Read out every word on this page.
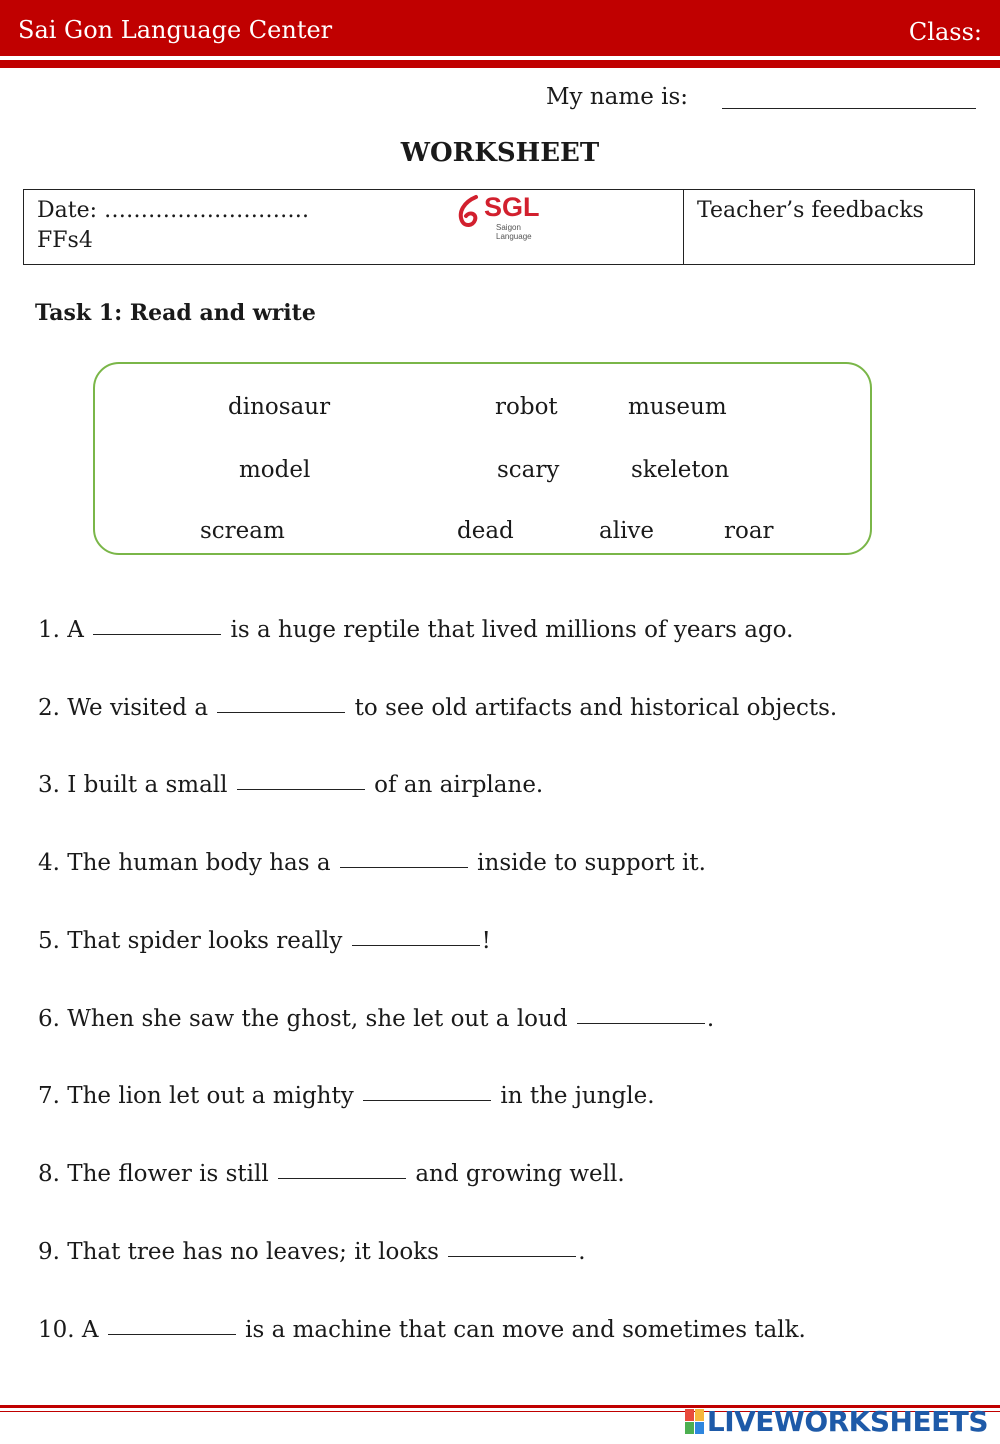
Sai Gon Language Center	Class:
My name is:
WORKSHEET
Date: ……………………….
FFs4
Teacher’s feedbacks
SGL
Saigon Language
Task 1: Read and write
dinosaur	robot	museum
model	scary	skeleton
scream	dead	alive	roar
1. A	is a huge reptile that lived millions of years ago.
2. We visited a	to see old artifacts and historical objects.
3. I built a small	of an airplane.
4. The human body has a	inside to support it.
5. That spider looks really	!
6. When she saw the ghost, she let out a loud	.
7. The lion let out a mighty	in the jungle.
8. The flower is still	and growing well.
9. That tree has no leaves; it looks	.
10. A	is a machine that can move and sometimes talk.
LIVEWORKSHEETS
